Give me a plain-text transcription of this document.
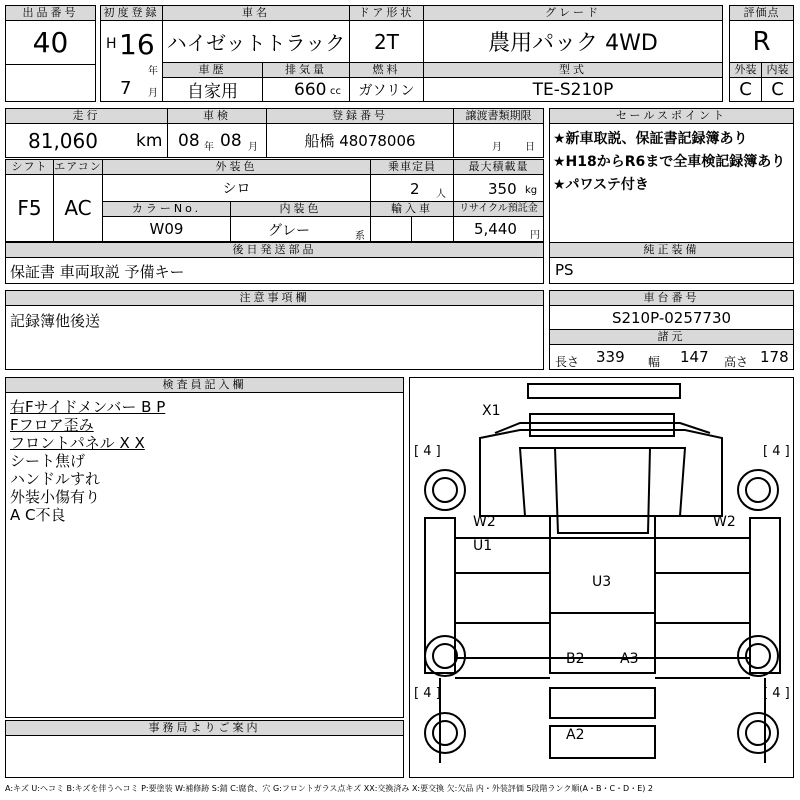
出品番号
40
初度登録
H 16
年
7 月
車名
ハイゼットトラック
ドア形状
2T
グレード
農用パック 4WD
評価点
R
車歴
自家用
排気量
660 cc
燃料
ガソリン
型式
TE-S210P
外装 内装
C	C
走行
81,060 km
車検
08 年 08 月
登録番号
船橋 48078006
譲渡書類期限
月 日
セールスポイント
★新車取説、保証書記録簿あり
★H18からR6まで全車検記録簿あり
★パワステ付き
シフト
F5
エアコン
AC
外装色
シロ
乗車定員
2 人
最大積載量
350 kg
カラーNo.
W09
内装色
グレー	系
輸入車	リサイクル預託金
5,440 円
後日発送部品
保証書 車両取説 予備キー
純正装備
PS
注意事項欄
記録簿他後送
車台番号
S210P-0257730
諸元
長さ 339 幅 147 高さ 178
検査員記入欄
右Fサイドメンバー B P
Fフロア歪み
フロントパネル X X
シート焦げ
ハンドルすれ
外装小傷有り
A C不良
事務局よりご案内
X1
W2	W2
U1
U3
B2	A3
A2
[ 4 ]	[ 4 ]
[ 4 ]	[ 4 ]
A:キズ U:ヘコミ B:キズを伴うヘコミ P:要塗装 W:補修跡 S:錆 C:腐食、穴 G:フロントガラス点キズ XX:交換済み X:要交換 欠:欠品 内・外装評価 5段階ランク順(A・B・C・D・E) 2
